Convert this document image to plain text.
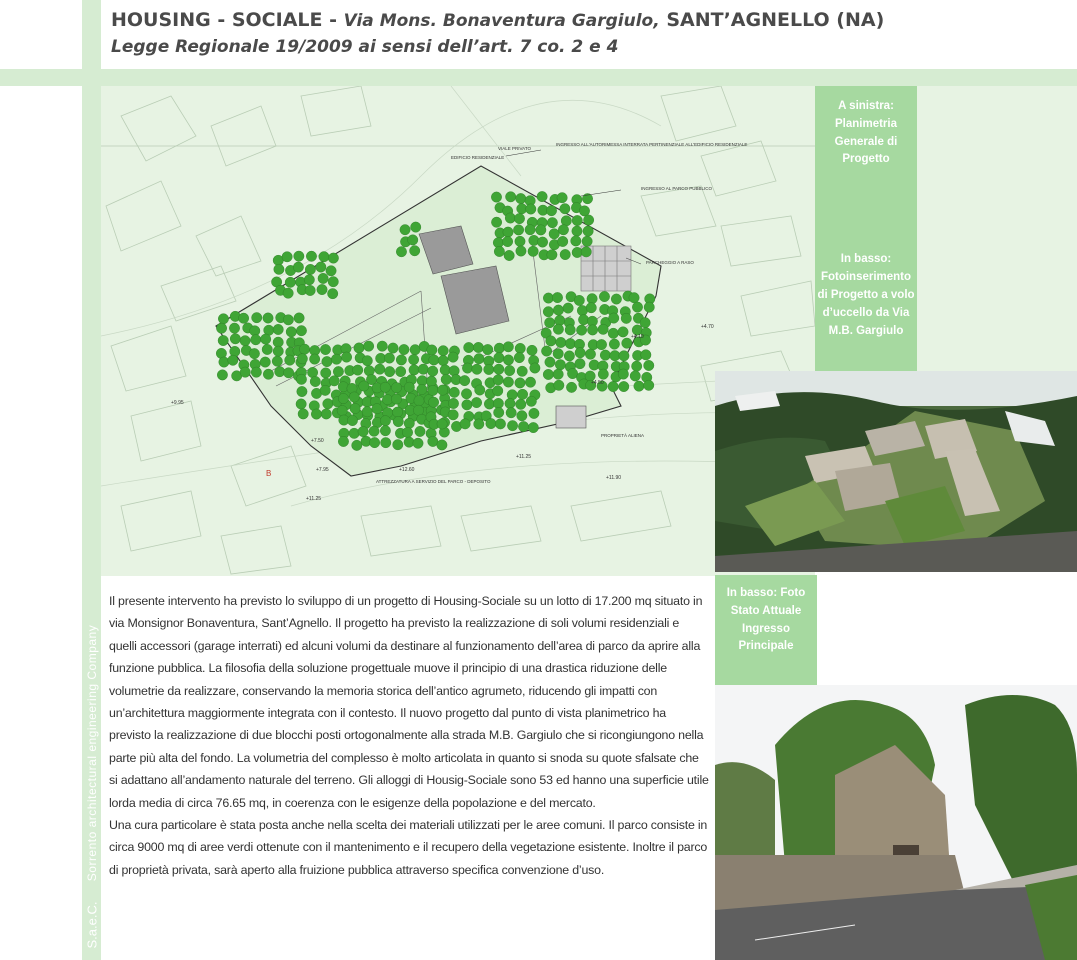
HOUSING - SOCIALE - Via Mons. Bonaventura Gargiulo, SANT’AGNELLO (NA)
Legge Regionale 19/2009 ai sensi dell’art. 7 co. 2 e 4
VIALE PRIVATO
INGRESSO ALL'AUTORIMESSA INTERRATA PERTINENZIALE ALL'EDIFICIO RESIDENZIALE
EDIFICIO RESIDENZIALE
INGRESSO AL PARCO PUBBLICO
PARCHEGGIO A RASO
PROPRIETÀ ALIENA
ATTREZZATURA A SERVIZIO DEL PARCO - DEPOSITO
B
+4.70
+4.10
+4.50
+9.95
+7.50
+7.95
+11.25
+11.25
+11.90
+12.60
A sinistra: Planimetria Generale di Progetto
In basso: Fotoinserimento di Progetto a volo d’uccello da Via M.B. Gargiulo
In basso: Foto Stato Attuale Ingresso Principale
Sorrento architectural engineering Company
S.a.e.C.

Il presente intervento ha previsto lo sviluppo di un progetto di Housing-Sociale su un lotto di 17.200 mq situato in via Monsignor Bonaventura, Sant’Agnello. Il progetto ha previsto la realizzazione di soli volumi residenziali e quelli accessori (garage interrati) ed alcuni volumi da destinare al funzionamento dell’area di parco da aprire alla funzione pubblica. La filosofia della soluzione progettuale muove il principio di una drastica riduzione delle volumetrie da realizzare, conservando la memoria storica dell’antico agrumeto, riducendo gli impatti con un’architettura maggiormente integrata con il contesto. Il nuovo progetto dal punto di vista planimetrico ha previsto la realizzazione di due blocchi posti ortogonalmente alla strada M.B. Gargiulo che si ricongiungono nella parte più alta del fondo. La volumetria del complesso è molto articolata in quanto si snoda su quote sfalsate che si adattano all’andamento naturale del terreno. Gli alloggi di Housig-Sociale sono 53 ed hanno una superficie utile lorda media di circa 76.65 mq, in coerenza con le esigenze della popolazione e del mercato.

Una cura particolare è stata posta anche nella scelta dei materiali utilizzati per le aree comuni. Il parco consiste in circa 9000 mq di aree verdi ottenute con il mantenimento e il recupero della vegetazione esistente. Inoltre il parco di proprietà privata, sarà aperto alla fruizione pubblica attraverso specifica convenzione d’uso.
